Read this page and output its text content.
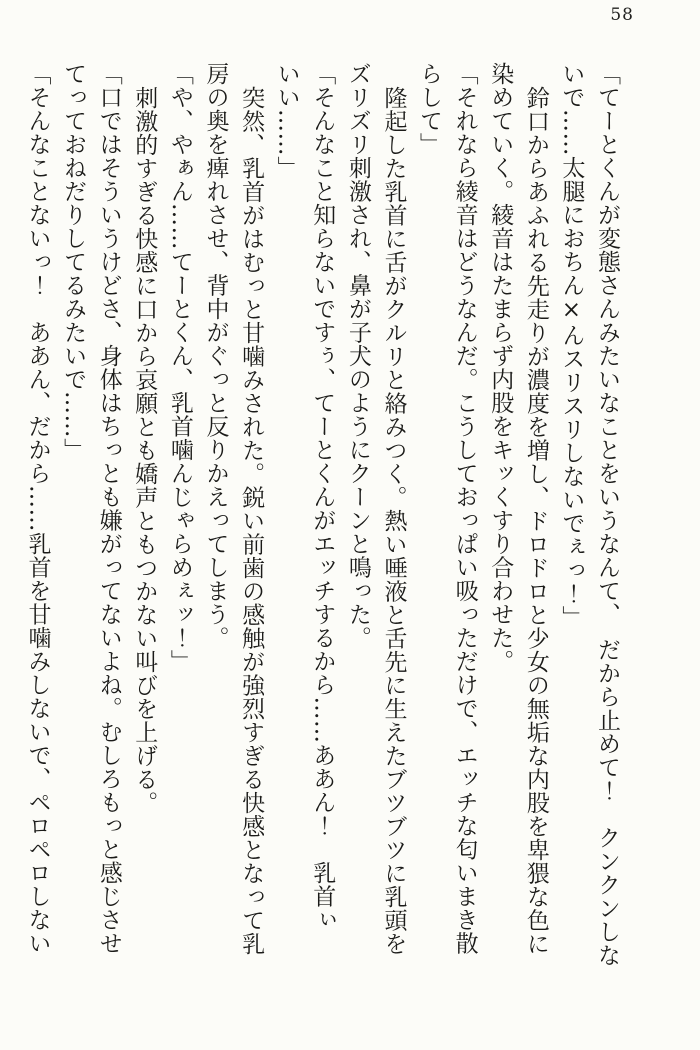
58

「てーとくんが変態さんみたいなことをいうなんて、　だから止めて！　クンクンしな

いで……太腿におちん×んスリスリしないでぇっ！」

鈴口からあふれる先走りが濃度を増し、ドロドロと少女の無垢な内股を卑猥な色に

染めていく。綾音はたまらず内股をキッくすり合わせた。

「それなら綾音はどうなんだ。こうしておっぱい吸っただけで、エッチな匂いまき散

らして」

隆起した乳首に舌がクルリと絡みつく。熱い唾液と舌先に生えたブツブツに乳頭を

ズリズリ刺激され、鼻が子犬のようにクーンと鳴った。

「そんなこと知らないですぅ、てーとくんがエッチするから……ああん！　乳首ぃ

いい……」

突然、乳首がはむっと甘噛みされた。鋭い前歯の感触が強烈すぎる快感となって乳

房の奥を痺れさせ、背中がぐっと反りかえってしまう。

「や、やぁん……てーとくん、乳首噛んじゃらめぇッ！」

刺激的すぎる快感に口から哀願とも嬌声ともつかない叫びを上げる。

「口ではそういうけどさ、身体はちっとも嫌がってないよね。むしろもっと感じさせ

てっておねだりしてるみたいで……」

「そんなことないっ！　ああん、だから……乳首を甘噛みしないで、ペロペロしない
